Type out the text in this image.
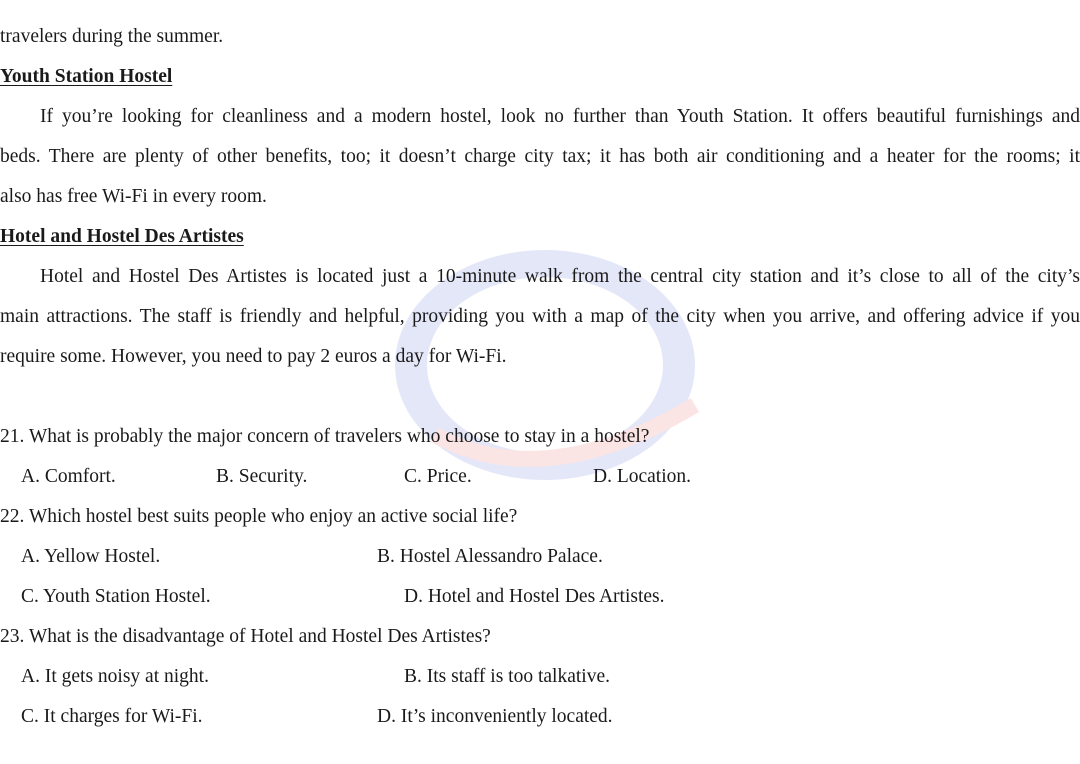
travelers during the summer.
Youth Station Hostel
If you’re looking for cleanliness and a modern hostel, look no further than Youth Station. It offers beautiful furnishings and
beds. There are plenty of other benefits, too; it doesn’t charge city tax; it has both air conditioning and a heater for the rooms; it
also has free Wi-Fi in every room.
Hotel and Hostel Des Artistes
Hotel and Hostel Des Artistes is located just a 10-minute walk from the central city station and it’s close to all of the city’s
main attractions. The staff is friendly and helpful, providing you with a map of the city when you arrive, and offering advice if you
require some. However, you need to pay 2 euros a day for Wi-Fi.
21. What is probably the major concern of travelers who choose to stay in a hostel?
A. Comfort.	B. Security.	C. Price.	D. Location.
22. Which hostel best suits people who enjoy an active social life?
A. Yellow Hostel.	B. Hostel Alessandro Palace.
C. Youth Station Hostel.	D. Hotel and Hostel Des Artistes.
23. What is the disadvantage of Hotel and Hostel Des Artistes?
A. It gets noisy at night.	B. Its staff is too talkative.
C. It charges for Wi-Fi.	D. It’s inconveniently located.
